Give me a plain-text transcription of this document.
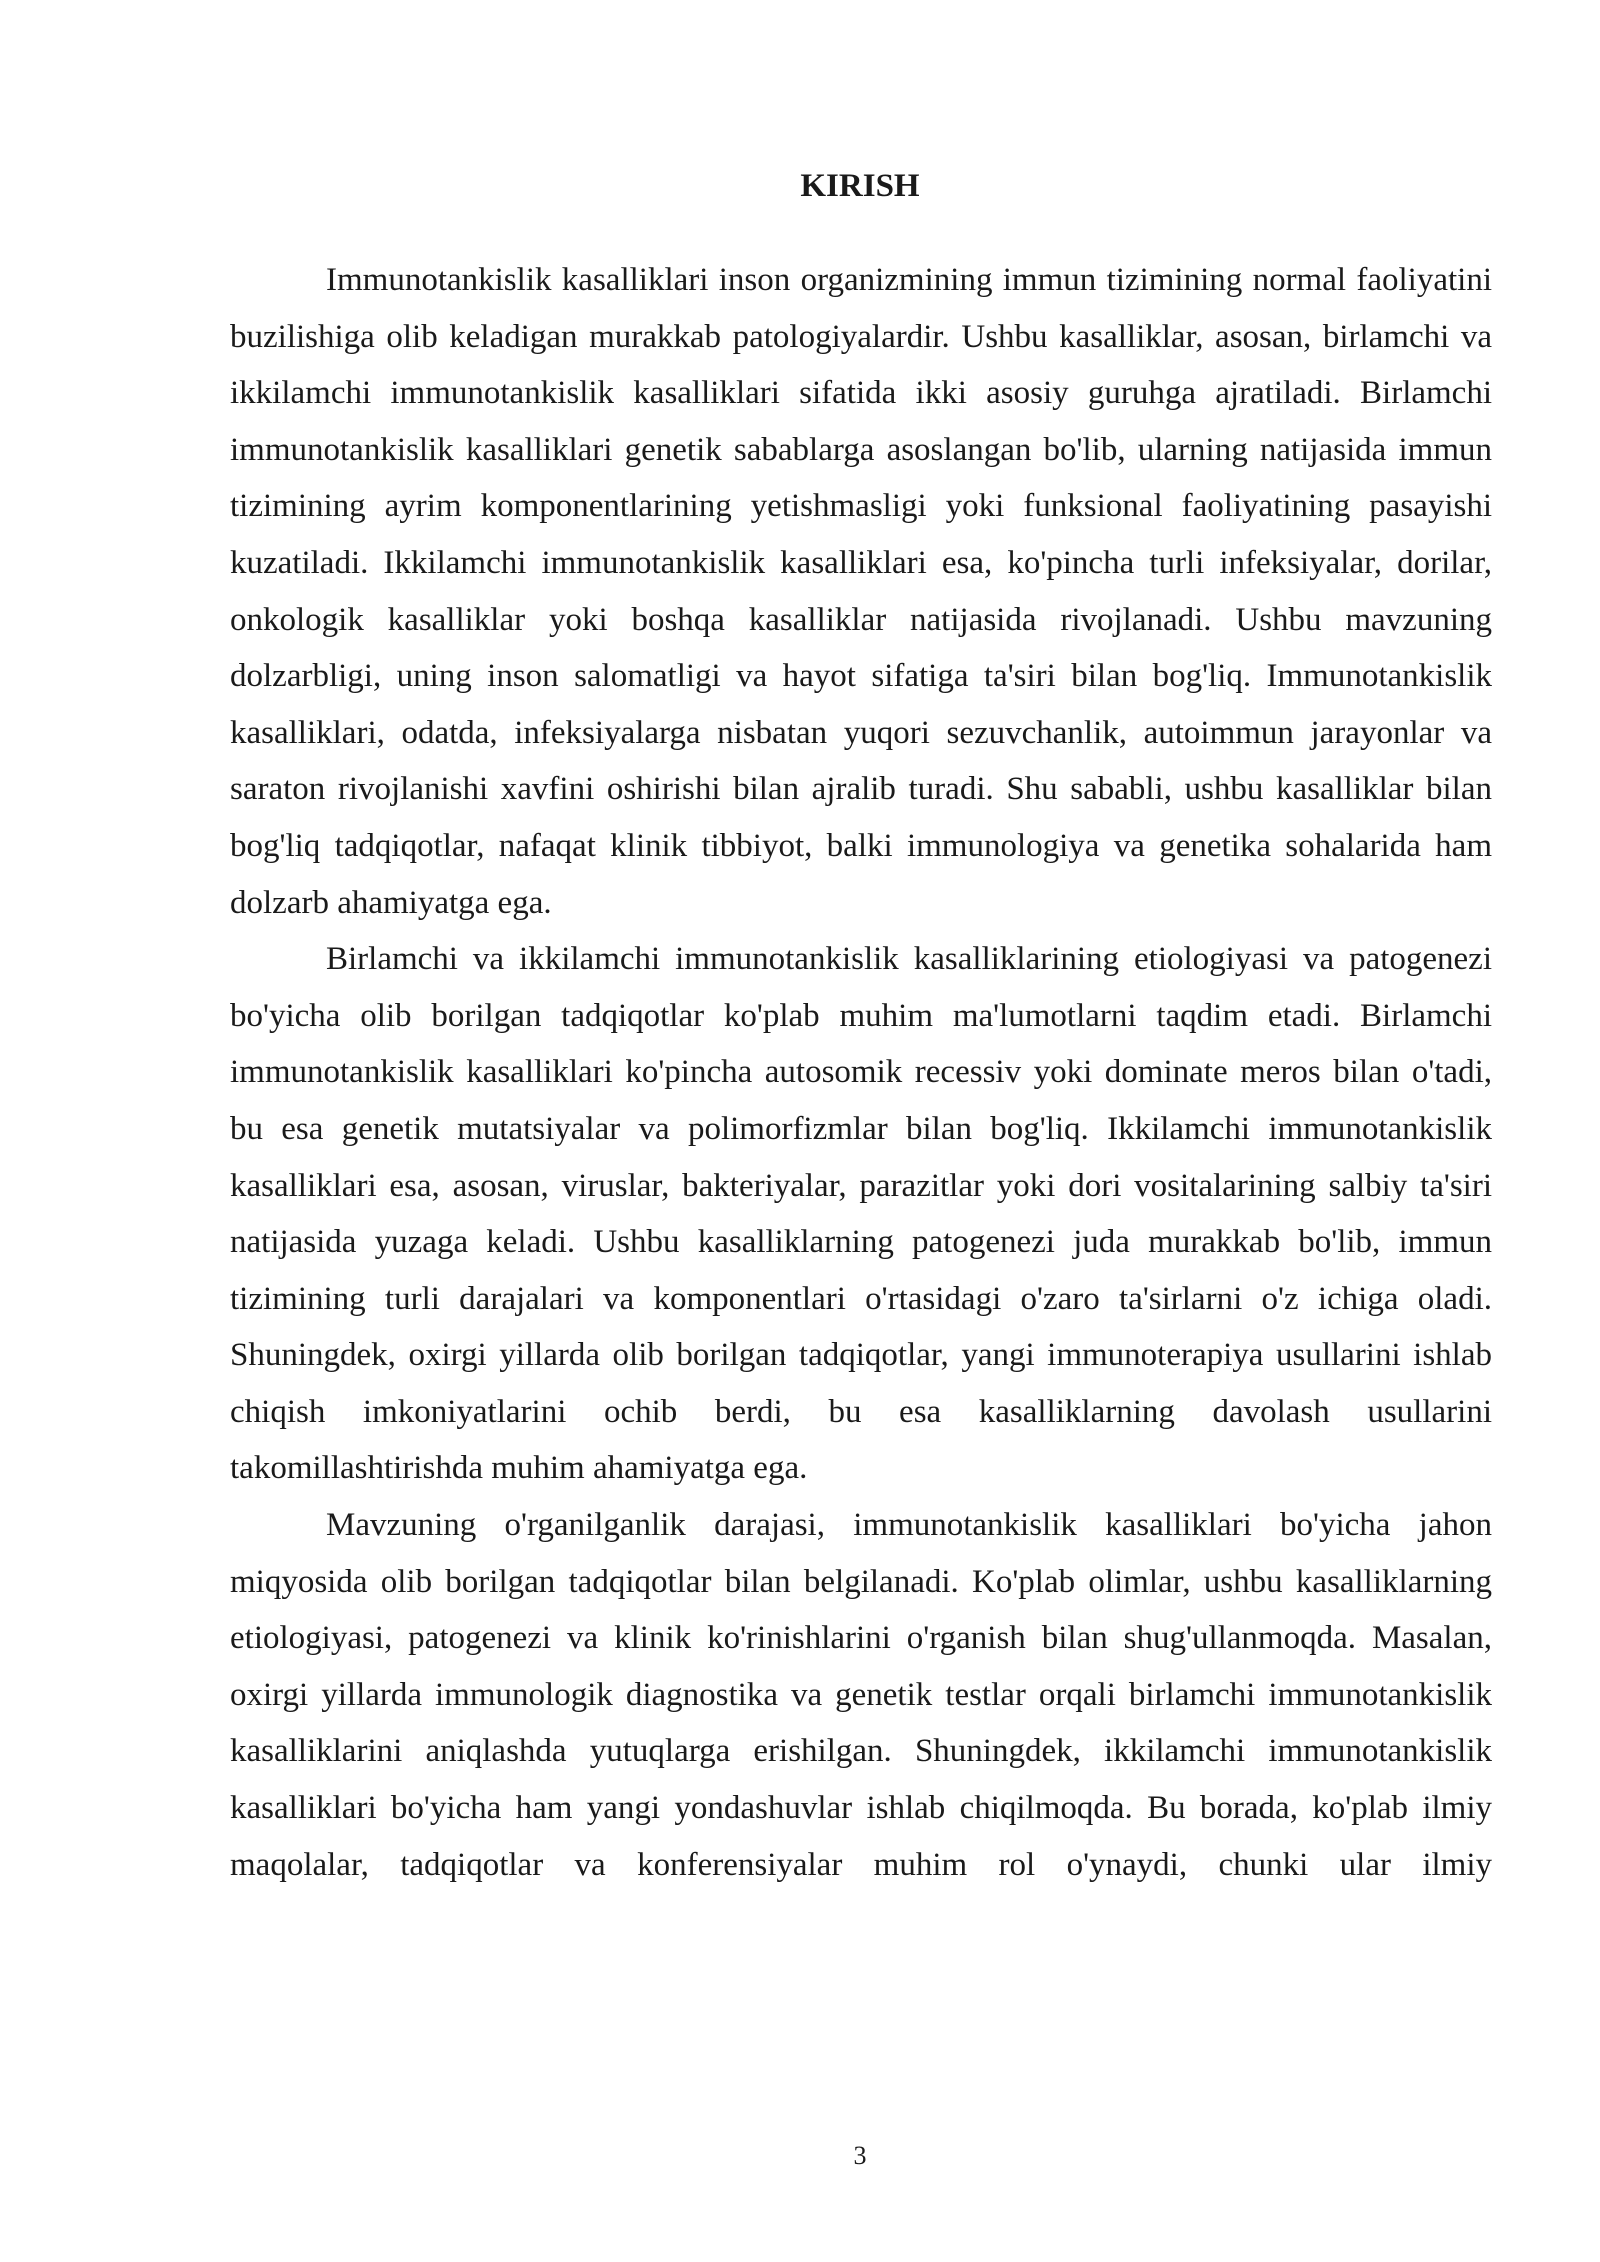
KIRISH

Immunotankislik kasalliklari inson organizmining immun tizimining normal faoliyatini buzilishiga olib keladigan murakkab patologiyalardir. Ushbu kasalliklar, asosan, birlamchi va ikkilamchi immunotankislik kasalliklari sifatida ikki asosiy guruhga ajratiladi. Birlamchi immunotankislik kasalliklari genetik sabablarga asoslangan bo'lib, ularning natijasida immun tizimining ayrim komponentlarining yetishmasligi yoki funksional faoliyatining pasayishi kuzatiladi. Ikkilamchi immunotankislik kasalliklari esa, ko'pincha turli infeksiyalar, dorilar, onkologik kasalliklar yoki boshqa kasalliklar natijasida rivojlanadi. Ushbu mavzuning dolzarbligi, uning inson salomatligi va hayot sifatiga ta'siri bilan bog'liq. Immunotankislik kasalliklari, odatda, infeksiyalarga nisbatan yuqori sezuvchanlik, autoimmun jarayonlar va saraton rivojlanishi xavfini oshirishi bilan ajralib turadi. Shu sababli, ushbu kasalliklar bilan bog'liq tadqiqotlar, nafaqat klinik tibbiyot, balki immunologiya va genetika sohalarida ham dolzarb ahamiyatga ega.

Birlamchi va ikkilamchi immunotankislik kasalliklarining etiologiyasi va patogenezi bo'yicha olib borilgan tadqiqotlar ko'plab muhim ma'lumotlarni taqdim etadi. Birlamchi immunotankislik kasalliklari ko'pincha autosomik recessiv yoki dominate meros bilan o'tadi, bu esa genetik mutatsiyalar va polimorfizmlar bilan bog'liq. Ikkilamchi immunotankislik kasalliklari esa, asosan, viruslar, bakteriyalar, parazitlar yoki dori vositalarining salbiy ta'siri natijasida yuzaga keladi. Ushbu kasalliklarning patogenezi juda murakkab bo'lib, immun tizimining turli darajalari va komponentlari o'rtasidagi o'zaro ta'sirlarni o'z ichiga oladi. Shuningdek, oxirgi yillarda olib borilgan tadqiqotlar, yangi immunoterapiya usullarini ishlab chiqish imkoniyatlarini ochib berdi, bu esa kasalliklarning davolash usullarini takomillashtirishda muhim ahamiyatga ega.

Mavzuning o'rganilganlik darajasi, immunotankislik kasalliklari bo'yicha jahon miqyosida olib borilgan tadqiqotlar bilan belgilanadi. Ko'plab olimlar, ushbu kasalliklarning etiologiyasi, patogenezi va klinik ko'rinishlarini o'rganish bilan shug'ullanmoqda. Masalan, oxirgi yillarda immunologik diagnostika va genetik testlar orqali birlamchi immunotankislik kasalliklarini aniqlashda yutuqlarga erishilgan. Shuningdek, ikkilamchi immunotankislik kasalliklari bo'yicha ham yangi yondashuvlar ishlab chiqilmoqda. Bu borada, ko'plab ilmiy maqolalar, tadqiqotlar va konferensiyalar muhim rol o'ynaydi, chunki ular ilmiy

3
